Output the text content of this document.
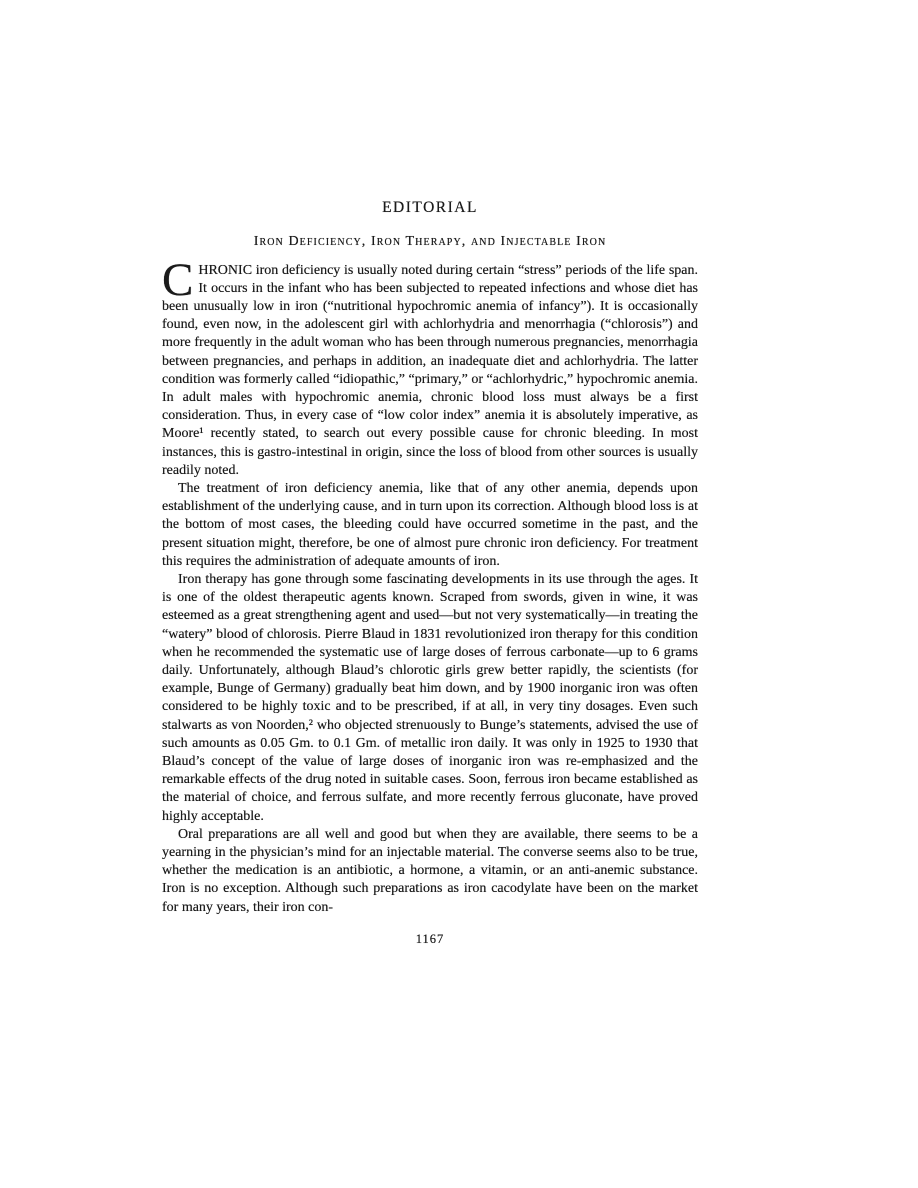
EDITORIAL
Iron Deficiency, Iron Therapy, and Injectable Iron

CHRONIC iron deficiency is usually noted during certain “stress” periods of the life span. It occurs in the infant who has been subjected to repeated infections and whose diet has been unusually low in iron (“nutritional hypochromic anemia of infancy”). It is occasionally found, even now, in the adolescent girl with achlorhydria and menorrhagia (“chlorosis”) and more frequently in the adult woman who has been through numerous pregnancies, menorrhagia between pregnancies, and perhaps in addition, an inadequate diet and achlorhydria. The latter condition was formerly called “idiopathic,” “primary,” or “achlorhydric,” hypochromic anemia. In adult males with hypochromic anemia, chronic blood loss must always be a first consideration. Thus, in every case of “low color index” anemia it is absolutely imperative, as Moore¹ recently stated, to search out every possible cause for chronic bleeding. In most instances, this is gastro-intestinal in origin, since the loss of blood from other sources is usually readily noted.

The treatment of iron deficiency anemia, like that of any other anemia, depends upon establishment of the underlying cause, and in turn upon its correction. Although blood loss is at the bottom of most cases, the bleeding could have occurred sometime in the past, and the present situation might, therefore, be one of almost pure chronic iron deficiency. For treatment this requires the administration of adequate amounts of iron.

Iron therapy has gone through some fascinating developments in its use through the ages. It is one of the oldest therapeutic agents known. Scraped from swords, given in wine, it was esteemed as a great strengthening agent and used—but not very systematically—in treating the “watery” blood of chlorosis. Pierre Blaud in 1831 revolutionized iron therapy for this condition when he recommended the systematic use of large doses of ferrous carbonate—up to 6 grams daily. Unfortunately, although Blaud’s chlorotic girls grew better rapidly, the scientists (for example, Bunge of Germany) gradually beat him down, and by 1900 inorganic iron was often considered to be highly toxic and to be prescribed, if at all, in very tiny dosages. Even such stalwarts as von Noorden,² who objected strenuously to Bunge’s statements, advised the use of such amounts as 0.05 Gm. to 0.1 Gm. of metallic iron daily. It was only in 1925 to 1930 that Blaud’s concept of the value of large doses of inorganic iron was re-emphasized and the remarkable effects of the drug noted in suitable cases. Soon, ferrous iron became established as the material of choice, and ferrous sulfate, and more recently ferrous gluconate, have proved highly acceptable.

Oral preparations are all well and good but when they are available, there seems to be a yearning in the physician’s mind for an injectable material. The converse seems also to be true, whether the medication is an antibiotic, a hormone, a vitamin, or an anti-anemic substance. Iron is no exception. Although such preparations as iron cacodylate have been on the market for many years, their iron con-

1167
